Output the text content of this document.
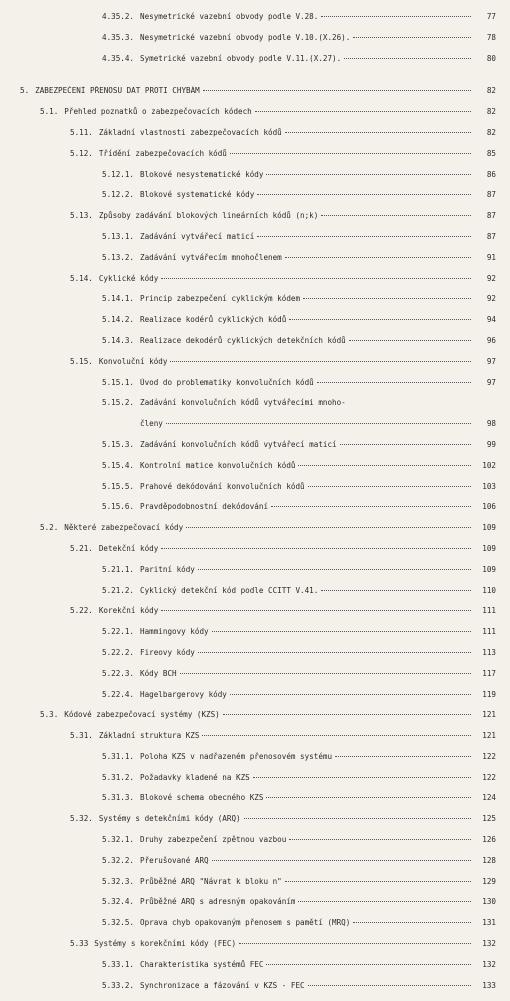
4.35.2. Nesymetrické vazební obvody podle V.28.	77
4.35.3. Nesymetrické vazební obvody podle V.10.(X.26).	78
4.35.4. Symetrické vazební obvody podle V.11.(X.27).	80
5. ZABEZPEČENÍ PŘENOSU DAT PROTI CHYBÁM	82
5.1. Přehled poznatků o zabezpečovacích kódech	82
5.11. Základní vlastnosti zabezpečovacích kódů	82
5.12. Třídění zabezpečovacích kódů	85
5.12.1. Blokové nesystematické kódy	86
5.12.2. Blokové systematické kódy	87
5.13. Způsoby zadávání blokových lineárních kódů (n;k)	87
5.13.1. Zadávání vytvářecí maticí	87
5.13.2. Zadávání vytvářecím mnohočlenem	91
5.14. Cyklické kódy	92
5.14.1. Princip zabezpečení cyklickým kódem	92
5.14.2. Realizace kodérů cyklických kódů	94
5.14.3. Realizace dekodérů cyklických detekčních kódů	96
5.15. Konvoluční kódy	97
5.15.1. Úvod do problematiky konvolučních kódů	97
5.15.2. Zadávání konvolučních kódů vytvářecími mnoho-
členy	98
5.15.3. Zadávání konvolučních kódů vytvářecí maticí	99
5.15.4. Kontrolní matice konvolučních kódů	102
5.15.5. Prahové dekódování konvolučních kódů	103
5.15.6. Pravděpodobnostní dekódování	106
5.2. Některé zabezpečovací kódy	109
5.21. Detekční kódy	109
5.21.1. Paritní kódy	109
5.21.2. Cyklický detekční kód podle CCITT V.41.	110
5.22. Korekční kódy	111
5.22.1. Hammingovy kódy	111
5.22.2. Fireovy kódy	113
5.22.3. Kódy BCH	117
5.22.4. Hagelbargerovy kódy	119
5.3. Kódové zabezpečovací systémy (KZS)	121
5.31. Základní struktura KZS	121
5.31.1. Poloha KZS v nadřazeném přenosovém systému	122
5.31.2. Požadavky kladené na KZS	122
5.31.3. Blokové schema obecného KZS	124
5.32. Systémy s detekčními kódy (ARQ)	125
5.32.1. Druhy zabezpečení zpětnou vazbou	126
5.32.2. Přerušované ARQ	128
5.32.3. Průběžné ARQ "Návrat k bloku n"	129
5.32.4. Průběžné ARQ s adresným opakováním	130
5.32.5. Oprava chyb opakovaným přenosem s pamětí (MRQ)	131
5.33 Systémy s korekčními kódy (FEC)	132
5.33.1. Charakteristika systémů FEC	132
5.33.2. Synchronizace a fázování v KZS - FEC	133
